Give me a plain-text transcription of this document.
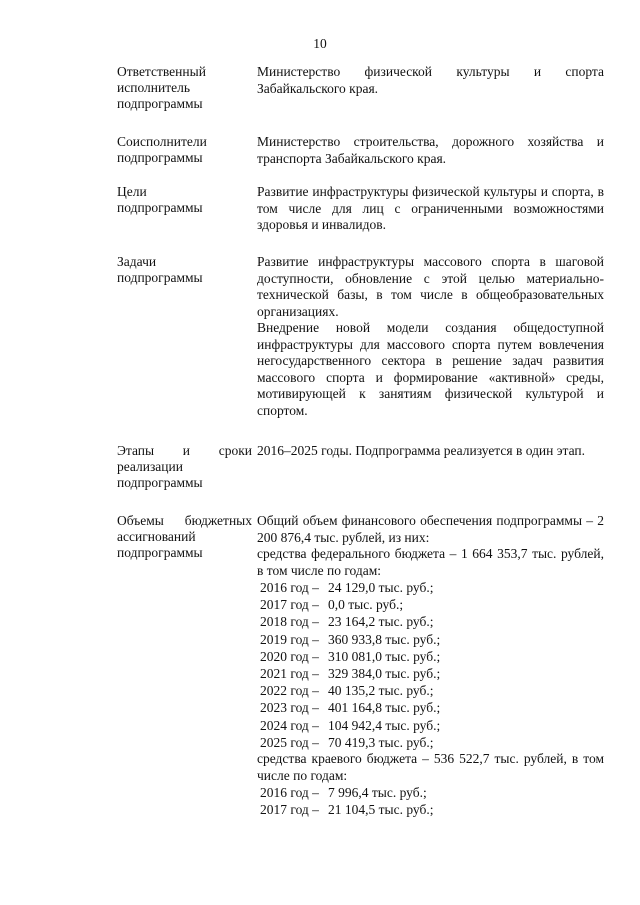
10
Ответственный исполнитель подпрограммы
Министерство физической культуры и спорта Забайкальского края.
Соисполнители подпрограммы
Министерство строительства, дорожного хозяйства и транспорта Забайкальского края.
Цели подпрограммы
Развитие инфраструктуры физической культуры и спорта, в том числе для лиц с ограниченными возможностями здоровья и инвалидов.
Задачи подпрограммы
Развитие инфраструктуры массового спорта в шаговой доступности, обновление с этой целью материально-технической базы, в том числе в общеобразовательных организациях.
Внедрение новой модели создания общедоступной инфраструктуры для массового спорта путем вовлечения негосударственного сектора в решение задач развития массового спорта и формирование «активной» среды, мотивирующей к занятиям физической культурой и спортом.
Этапы и сроки реализации подпрограммы
2016–2025 годы. Подпрограмма реализуется в один этап.
Объемы бюджетных ассигнований подпрограммы
Общий объем финансового обеспечения подпрограммы – 2 200 876,4 тыс. рублей, из них:
средства федерального бюджета – 1 664 353,7 тыс. рублей, в том числе по годам:
2016 год – 24 129,0 тыс. руб.;
2017 год – 0,0 тыс. руб.;
2018 год – 23 164,2 тыс. руб.;
2019 год – 360 933,8 тыс. руб.;
2020 год – 310 081,0 тыс. руб.;
2021 год – 329 384,0 тыс. руб.;
2022 год – 40 135,2 тыс. руб.;
2023 год – 401 164,8 тыс. руб.;
2024 год – 104 942,4 тыс. руб.;
2025 год – 70 419,3 тыс. руб.;
средства краевого бюджета – 536 522,7 тыс. рублей, в том числе по годам:
2016 год – 7 996,4 тыс. руб.;
2017 год – 21 104,5 тыс. руб.;
